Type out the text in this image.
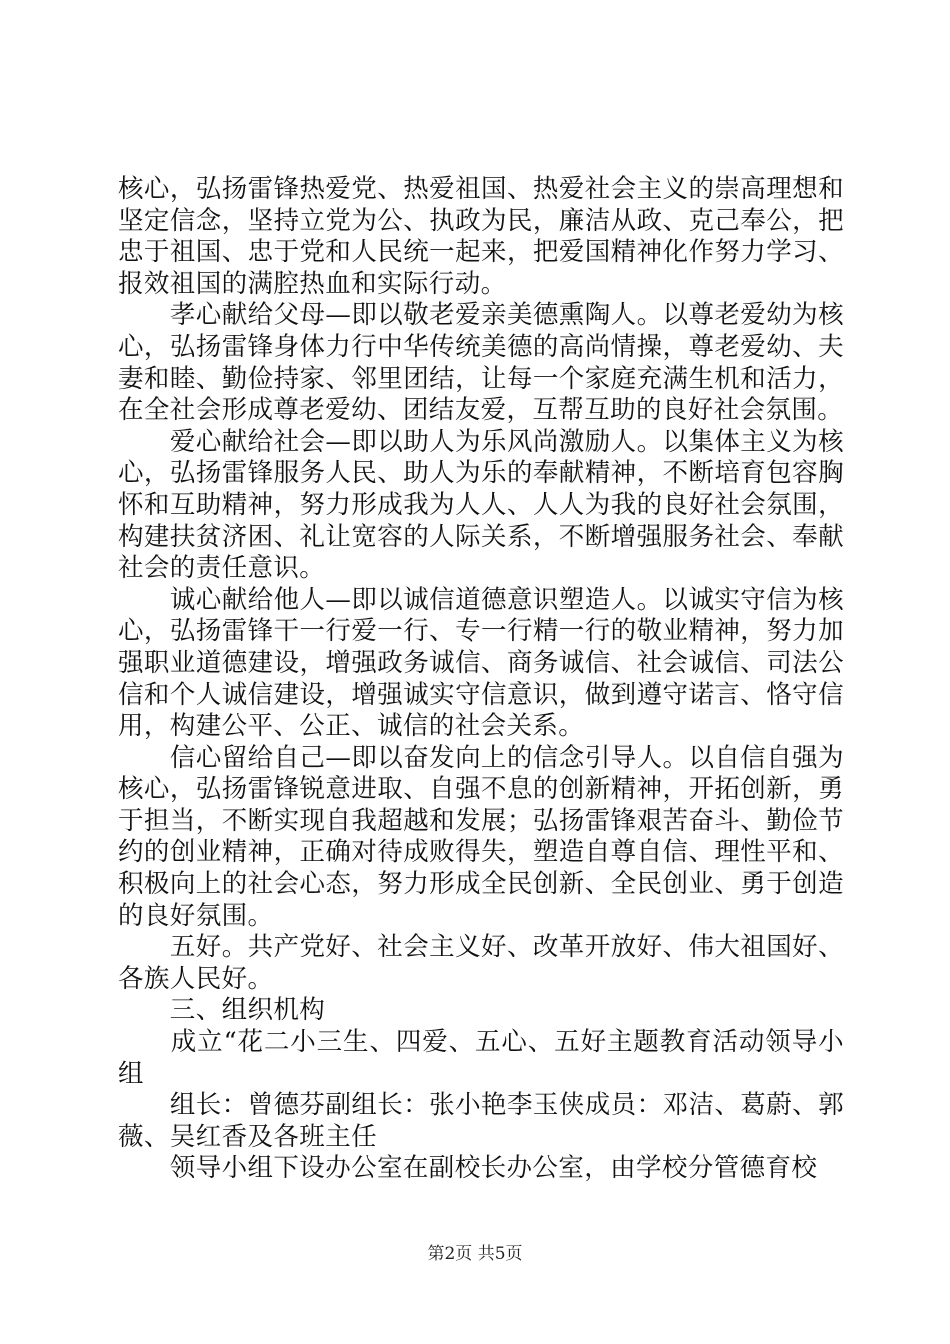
核心，弘扬雷锋热爱党、热爱祖国、热爱社会主义的崇高理想和坚定信念，坚持立党为公、执政为民，廉洁从政、克己奉公，把忠于祖国、忠于党和人民统一起来，把爱国精神化作努力学习、报效祖国的满腔热血和实际行动。

　　孝心献给父母—即以敬老爱亲美德熏陶人。以尊老爱幼为核心，弘扬雷锋身体力行中华传统美德的高尚情操，尊老爱幼、夫妻和睦、勤俭持家、邻里团结，让每一个家庭充满生机和活力，在全社会形成尊老爱幼、团结友爱，互帮互助的良好社会氛围。

　　爱心献给社会—即以助人为乐风尚激励人。以集体主义为核心，弘扬雷锋服务人民、助人为乐的奉献精神，不断培育包容胸怀和互助精神，努力形成我为人人、人人为我的良好社会氛围，构建扶贫济困、礼让宽容的人际关系，不断增强服务社会、奉献社会的责任意识。

　　诚心献给他人—即以诚信道德意识塑造人。以诚实守信为核心，弘扬雷锋干一行爱一行、专一行精一行的敬业精神，努力加强职业道德建设，增强政务诚信、商务诚信、社会诚信、司法公信和个人诚信建设，增强诚实守信意识，做到遵守诺言、恪守信用，构建公平、公正、诚信的社会关系。

　　信心留给自己—即以奋发向上的信念引导人。以自信自强为核心，弘扬雷锋锐意进取、自强不息的创新精神，开拓创新，勇于担当，不断实现自我超越和发展；弘扬雷锋艰苦奋斗、勤俭节约的创业精神，正确对待成败得失，塑造自尊自信、理性平和、积极向上的社会心态，努力形成全民创新、全民创业、勇于创造的良好氛围。

　　五好。共产党好、社会主义好、改革开放好、伟大祖国好、各族人民好。

　　三、组织机构

　　成立“花二小三生、四爱、五心、五好主题教育活动领导小组

　　组长：曾德芬副组长：张小艳李玉侠成员：邓洁、葛蔚、郭薇、吴红香及各班主任

　　领导小组下设办公室在副校长办公室，由学校分管德育校

第2页 共5页
